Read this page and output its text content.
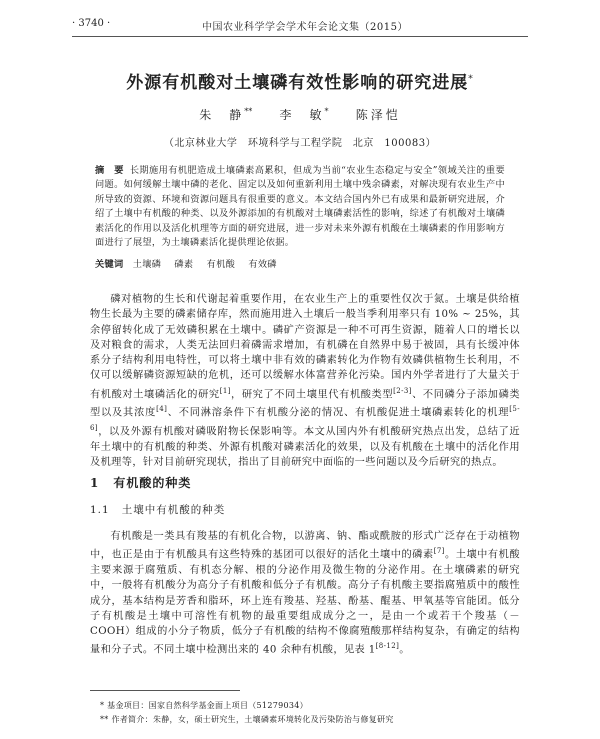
· 3740 ·	中国农业科学学会学术年会论文集（2015）
外源有机酸对土壤磷有效性影响的研究进展*
朱　静** 李　敏* 陈泽恺
（北京林业大学　环境科学与工程学院　北京　100083）
摘　要 长期施用有机肥造成土壤磷素高累积，但成为当前“农业生态稳定与安全”领域关注的重要问题。如何缓解土壤中磷的老化、固定以及如何重新利用土壤中残余磷素，对解决现有农业生产中所导致的资源、环境和资源问题具有很重要的意义。本文结合国内外已有成果和最新研究进展，介绍了土壤中有机酸的种类、以及外源添加的有机酸对土壤磷素活性的影响，综述了有机酸对土壤磷素活化的作用以及活化机理等方面的研究进展，进一步对未来外源有机酸在土壤磷素的作用影响方面进行了展望，为土壤磷素活化提供理论依据。
关键词 土壤磷 磷素 有机酸 有效磷

磷对植物的生长和代谢起着重要作用，在农业生产上的重要性仅次于氮。土壤是供给植物生长最为主要的磷素储存库，然而施用进入土壤后一般当季利用率只有 10% ~ 25%，其余停留转化成了无效磷积累在土壤中。磷矿产资源是一种不可再生资源，随着人口的增长以及对粮食的需求，人类无法回归着磷需求增加，有机磷在自然界中易于被固，具有长缓冲体系分子结构利用电特性，可以将土壤中非有效的磷素转化为作物有效磷供植物生长利用，不仅可以缓解磷资源短缺的危机，还可以缓解水体富营养化污染。国内外学者进行了大量关于有机酸对土壤磷活化的研究[1]，研究了不同土壤里代有机酸类型[2-3]、不同磷分子添加磷类型以及其浓度[4]、不同淋溶条件下有机酸分泌的情况、有机酸促进土壤磷素转化的机理[5-6]，以及外源有机酸对磷吸附物长保影响等。本文从国内外有机酸研究热点出发，总结了近年土壤中的有机酸的种类、外源有机酸对磷素活化的效果，以及有机酸在土壤中的活化作用及机理等，针对目前研究现状，指出了目前研究中面临的一些问题以及今后研究的热点。

1 有机酸的种类
1.1 土壤中有机酸的种类

有机酸是一类具有羧基的有机化合物，以游离、钠、酯或酰胺的形式广泛存在于动植物中，也正是由于有机酸具有这些特殊的基团可以很好的活化土壤中的磷素[7]。土壤中有机酸主要来源于腐殖质、有机态分解、根的分泌作用及微生物的分泌作用。在土壤磷素的研究中，一般将有机酸分为高分子有机酸和低分子有机酸。高分子有机酸主要指腐殖质中的酸性成分，基本结构是芳香和脂环，环上连有羧基、羟基、酚基、醌基、甲氧基等官能团。低分子有机酸是土壤中可溶性有机物的最重要组成成分之一，是由一个或若干个羧基（－COOH）组成的小分子物质，低分子有机酸的结构不像腐殖酸那样结构复杂，有确定的结构量和分子式。不同土壤中检测出来的 40 余种有机酸，见表 1[8-12]。

* 基金项目：国家自然科学基金面上项目（51279034）
** 作者简介：朱静，女，硕士研究生，土壤磷素环境转化及污染防治与修复研究
